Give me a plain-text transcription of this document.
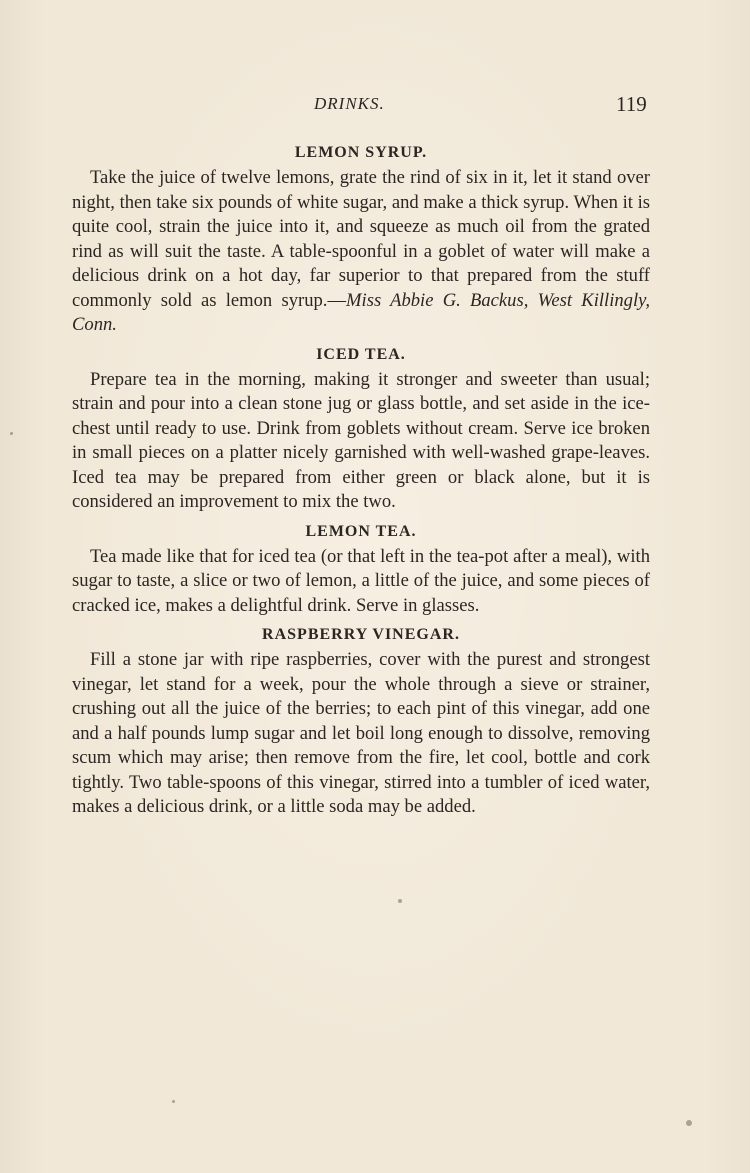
DRINKS.	119
LEMON SYRUP.

Take the juice of twelve lemons, grate the rind of six in it, let it stand over night, then take six pounds of white sugar, and make a thick syrup. When it is quite cool, strain the juice into it, and squeeze as much oil from the grated rind as will suit the taste. A table-spoonful in a goblet of water will make a delicious drink on a hot day, far superior to that prepared from the stuff commonly sold as lemon syrup.—Miss Abbie G. Backus, West Killingly, Conn.

ICED TEA.

Prepare tea in the morning, making it stronger and sweeter than usual; strain and pour into a clean stone jug or glass bottle, and set aside in the ice-chest until ready to use. Drink from goblets without cream. Serve ice broken in small pieces on a platter nicely garnished with well-washed grape-leaves. Iced tea may be prepared from either green or black alone, but it is considered an improvement to mix the two.

LEMON TEA.

Tea made like that for iced tea (or that left in the tea-pot after a meal), with sugar to taste, a slice or two of lemon, a little of the juice, and some pieces of cracked ice, makes a delightful drink. Serve in glasses.

RASPBERRY VINEGAR.

Fill a stone jar with ripe raspberries, cover with the purest and strongest vinegar, let stand for a week, pour the whole through a sieve or strainer, crushing out all the juice of the berries; to each pint of this vinegar, add one and a half pounds lump sugar and let boil long enough to dissolve, removing scum which may arise; then remove from the fire, let cool, bottle and cork tightly. Two table-spoons of this vinegar, stirred into a tumbler of iced water, makes a delicious drink, or a little soda may be added.
